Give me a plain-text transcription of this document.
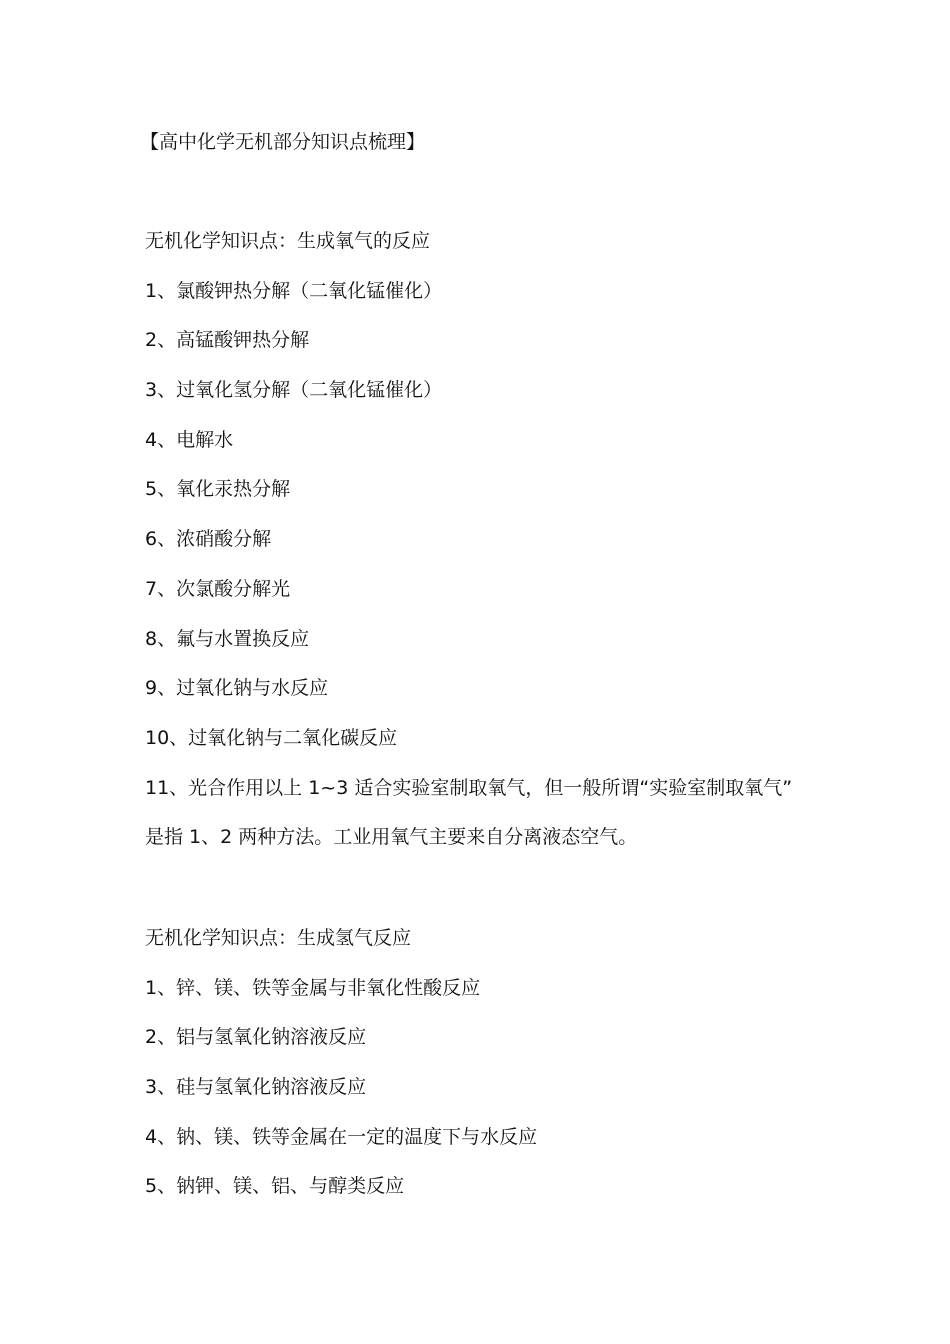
【高中化学无机部分知识点梳理】
无机化学知识点：生成氧气的反应
1、氯酸钾热分解（二氧化锰催化）
2、高锰酸钾热分解
3、过氧化氢分解（二氧化锰催化）
4、电解水
5、氧化汞热分解
6、浓硝酸分解
7、次氯酸分解光
8、氟与水置换反应
9、过氧化钠与水反应
10、过氧化钠与二氧化碳反应
11、光合作用以上 1~3 适合实验室制取氧气，但一般所谓“实验室制取氧气”
是指 1、2 两种方法。工业用氧气主要来自分离液态空气。
无机化学知识点：生成氢气反应
1、锌、镁、铁等金属与非氧化性酸反应
2、铝与氢氧化钠溶液反应
3、硅与氢氧化钠溶液反应
4、钠、镁、铁等金属在一定的温度下与水反应
5、钠钾、镁、铝、与醇类反应
